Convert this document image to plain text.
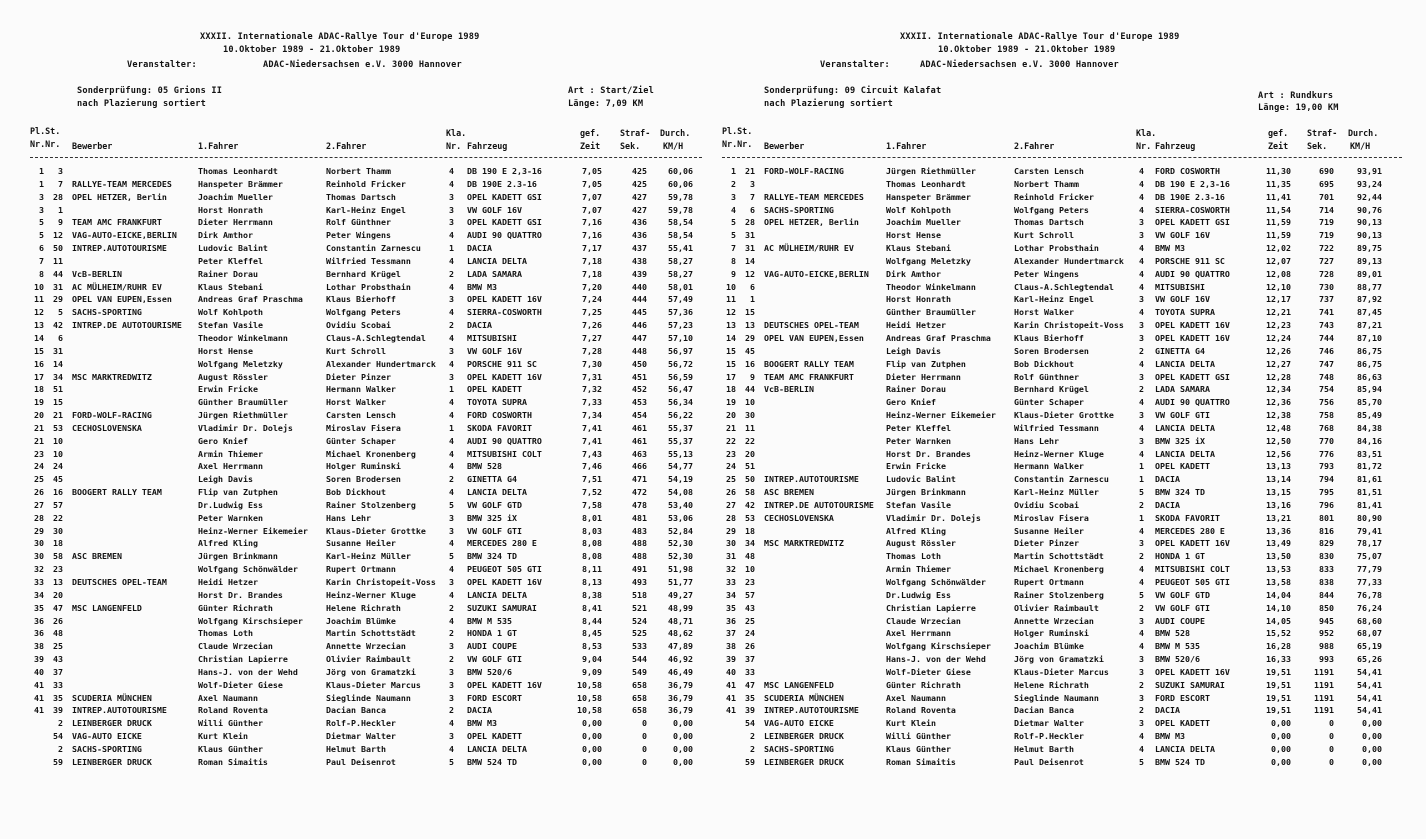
XXXII. Internationale ADAC-Rallye Tour d'Europe 1989
10.Oktober 1989 - 21.Oktober 1989
Veranstalter:	ADAC-Niedersachsen e.V. 3000 Hannover
Sonderprüfung: 05 Grions II
nach Plazierung sortiert
Art : Start/Ziel
Länge: 7,09 KM
Pl.St.
Nr.Nr. Bewerber	1.Fahrer	2.Fahrer
Kla.
Nr. Fahrzeug
gef.
Zeit
Straf-
Sek.
Durch.
KM/H
1	3	Thomas Leonhardt	Norbert Thamm	4 DB 190 E 2,3-16	7,05	425	60,06
1	7 RALLYE-TEAM MERCEDES	Hanspeter Brämmer	Reinhold Fricker	4 DB 190E 2.3-16	7,05	425	60,06
3	28 OPEL HETZER, Berlin	Joachim Mueller	Thomas Dartsch	3 OPEL KADETT GSI	7,07	427	59,78
3	1	Horst Honrath	Karl-Heinz Engel	3 VW GOLF 16V	7,07	427	59,78
5	9 TEAM AMC FRANKFURT	Dieter Herrmann	Rolf Günthner	3 OPEL KADETT GSI	7,16	436	58,54
5	12 VAG-AUTO-EICKE,BERLIN	Dirk Amthor	Peter Wingens	4 AUDI 90 QUATTRO	7,16	436	58,54
6	50 INTREP.AUTOTOURISME	Ludovic Balint	Constantin Zarnescu	1 DACIA	7,17	437	55,41
7	11	Peter Kleffel	Wilfried Tessmann	4 LANCIA DELTA	7,18	438	58,27
8	44 VcB-BERLIN	Rainer Dorau	Bernhard Krügel	2 LADA SAMARA	7,18	439	58,27
10	31 AC MÜLHEIM/RUHR EV	Klaus Stebani	Lothar Probsthain	4 BMW M3	7,20	440	58,01
11	29 OPEL VAN EUPEN,Essen	Andreas Graf Praschma	Klaus Bierhoff	3 OPEL KADETT 16V	7,24	444	57,49
12	5 SACHS-SPORTING	Wolf Kohlpoth	Wolfgang Peters	4 SIERRA-COSWORTH	7,25	445	57,36
13	42 INTREP.DE AUTOTOURISME	Stefan Vasile	Ovidiu Scobai	2 DACIA	7,26	446	57,23
14	6	Theodor Winkelmann	Claus-A.Schlegtendal	4 MITSUBISHI	7,27	447	57,10
15	31	Horst Hense	Kurt Schroll	3 VW GOLF 16V	7,28	448	56,97
16	14	Wolfgang Meletzky	Alexander Hundertmarck	4 PORSCHE 911 SC	7,30	450	56,72
17	34 MSC MARKTREDWITZ	August Rössler	Dieter Pinzer	3 OPEL KADETT 16V	7,31	451	56,59
18	51	Erwin Fricke	Hermann Walker	1 OPEL KADETT	7,32	452	56,47
19	15	Günther Braumüller	Horst Walker	4 TOYOTA SUPRA	7,33	453	56,34
20	21 FORD-WOLF-RACING	Jürgen Riethmüller	Carsten Lensch	4 FORD COSWORTH	7,34	454	56,22
21	53 CECHOSLOVENSKA	Vladimir Dr. Dolejs	Miroslav Fisera	1 SKODA FAVORIT	7,41	461	55,37
21	10	Gero Knief	Günter Schaper	4 AUDI 90 QUATTRO	7,41	461	55,37
23	10	Armin Thiemer	Michael Kronenberg	4 MITSUBISHI COLT	7,43	463	55,13
24	24	Axel Herrmann	Holger Ruminski	4 BMW 528	7,46	466	54,77
25	45	Leigh Davis	Soren Brodersen	2 GINETTA G4	7,51	471	54,19
26	16 BOOGERT RALLY TEAM	Flip van Zutphen	Bob Dickhout	4 LANCIA DELTA	7,52	472	54,08
27	57	Dr.Ludwig Ess	Rainer Stolzenberg	5 VW GOLF GTD	7,58	478	53,40
28	22	Peter Warnken	Hans Lehr	3 BMW 325 iX	8,01	481	53,06
29	30	Heinz-Werner Eikemeier	Klaus-Dieter Grottke	3 VW GOLF GTI	8,03	483	52,84
30	18	Alfred Kling	Susanne Heiler	4 MERCEDES 280 E	8,08	488	52,30
30	58 ASC BREMEN	Jürgen Brinkmann	Karl-Heinz Müller	5 BMW 324 TD	8,08	488	52,30
32	23	Wolfgang Schönwälder	Rupert Ortmann	4 PEUGEOT 505 GTI	8,11	491	51,98
33	13 DEUTSCHES OPEL-TEAM	Heidi Hetzer	Karin Christopeit-Voss	3 OPEL KADETT 16V	8,13	493	51,77
34	20	Horst Dr. Brandes	Heinz-Werner Kluge	4 LANCIA DELTA	8,38	518	49,27
35	47 MSC LANGENFELD	Günter Richrath	Helene Richrath	2 SUZUKI SAMURAI	8,41	521	48,99
36	26	Wolfgang Kirschsieper	Joachim Blümke	4 BMW M 535	8,44	524	48,71
36	48	Thomas Loth	Martin Schottstädt	2 HONDA 1 GT	8,45	525	48,62
38	25	Claude Wrzecian	Annette Wrzecian	3 AUDI COUPE	8,53	533	47,89
39	43	Christian Lapierre	Olivier Raimbault	2 VW GOLF GTI	9,04	544	46,92
40	37	Hans-J. von der Wehd	Jörg von Gramatzki	3 BMW 520/6	9,09	549	46,49
41	33	Wolf-Dieter Giese	Klaus-Dieter Marcus	3 OPEL KADETT 16V	10,58	658	36,79
41	35 SCUDERIA MÜNCHEN	Axel Naumann	Sieglinde Naumann	3 FORD ESCORT	10,58	658	36,79
41	39 INTREP.AUTOTOURISME	Roland Roventa	Dacian Banca	2 DACIA	10,58	658	36,79
2 LEINBERGER DRUCK	Willi Günther	Rolf-P.Heckler	4 BMW M3	0,00	0	0,00
54 VAG-AUTO EICKE	Kurt Klein	Dietmar Walter	3 OPEL KADETT	0,00	0	0,00
2 SACHS-SPORTING	Klaus Günther	Helmut Barth	4 LANCIA DELTA	0,00	0	0,00
59 LEINBERGER DRUCK	Roman Simaitis	Paul Deisenrot	5 BMW 524 TD	0,00	0	0,00
XXXII. Internationale ADAC-Rallye Tour d'Europe 1989
10.Oktober 1989 - 21.Oktober 1989
Veranstalter:	ADAC-Niedersachsen e.V. 3000 Hannover
Sonderprüfung: 09 Circuit Kalafat
nach Plazierung sortiert
Art : Rundkurs
Länge: 19,00 KM
Pl.St.
Nr.Nr. Bewerber	1.Fahrer	2.Fahrer
Kla.
Nr. Fahrzeug
gef.
Zeit
Straf-
Sek.
Durch.
KM/H
1	21 FORD-WOLF-RACING	Jürgen Riethmüller	Carsten Lensch	4 FORD COSWORTH	11,30	690	93,91
2	3	Thomas Leonhardt	Norbert Thamm	4 DB 190 E 2,3-16	11,35	695	93,24
3	7 RALLYE-TEAM MERCEDES	Hanspeter Brämmer	Reinhold Fricker	4 DB 190E 2.3-16	11,41	701	92,44
4	6 SACHS-SPORTING	Wolf Kohlpoth	Wolfgang Peters	4 SIERRA-COSWORTH	11,54	714	90,76
5	28 OPEL HETZER, Berlin	Joachim Mueller	Thomas Dartsch	3 OPEL KADETT GSI	11,59	719	90,13
5	31	Horst Hense	Kurt Schroll	3 VW GOLF 16V	11,59	719	90,13
7	31 AC MÜLHEIM/RUHR EV	Klaus Stebani	Lothar Probsthain	4 BMW M3	12,02	722	89,75
8	14	Wolfgang Meletzky	Alexander Hundertmarck	4 PORSCHE 911 SC	12,07	727	89,13
9	12 VAG-AUTO-EICKE,BERLIN	Dirk Amthor	Peter Wingens	4 AUDI 90 QUATTRO	12,08	728	89,01
10	6	Theodor Winkelmann	Claus-A.Schlegtendal	4 MITSUBISHI	12,10	730	88,77
11	1	Horst Honrath	Karl-Heinz Engel	3 VW GOLF 16V	12,17	737	87,92
12	15	Günther Braumüller	Horst Walker	4 TOYOTA SUPRA	12,21	741	87,45
13	13 DEUTSCHES OPEL-TEAM	Heidi Hetzer	Karin Christopeit-Voss	3 OPEL KADETT 16V	12,23	743	87,21
14	29 OPEL VAN EUPEN,Essen	Andreas Graf Praschma	Klaus Bierhoff	3 OPEL KADETT 16V	12,24	744	87,10
15	45	Leigh Davis	Soren Brodersen	2 GINETTA G4	12,26	746	86,75
15	16 BOOGERT RALLY TEAM	Flip van Zutphen	Bob Dickhout	4 LANCIA DELTA	12,27	747	86,75
17	9 TEAM AMC FRANKFURT	Dieter Herrmann	Rolf Günthner	3 OPEL KADETT GSI	12,28	748	86,63
18	44 VcB-BERLIN	Rainer Dorau	Bernhard Krügel	2 LADA SAMARA	12,34	754	85,94
19	10	Gero Knief	Günter Schaper	4 AUDI 90 QUATTRO	12,36	756	85,70
20	30	Heinz-Werner Eikemeier	Klaus-Dieter Grottke	3 VW GOLF GTI	12,38	758	85,49
21	11	Peter Kleffel	Wilfried Tessmann	4 LANCIA DELTA	12,48	768	84,38
22	22	Peter Warnken	Hans Lehr	3 BMW 325 iX	12,50	770	84,16
23	20	Horst Dr. Brandes	Heinz-Werner Kluge	4 LANCIA DELTA	12,56	776	83,51
24	51	Erwin Fricke	Hermann Walker	1 OPEL KADETT	13,13	793	81,72
25	50 INTREP.AUTOTOURISME	Ludovic Balint	Constantin Zarnescu	1 DACIA	13,14	794	81,61
26	58 ASC BREMEN	Jürgen Brinkmann	Karl-Heinz Müller	5 BMW 324 TD	13,15	795	81,51
27	42 INTREP.DE AUTOTOURISME	Stefan Vasile	Ovidiu Scobai	2 DACIA	13,16	796	81,41
28	53 CECHOSLOVENSKA	Vladimir Dr. Dolejs	Miroslav Fisera	1 SKODA FAVORIT	13,21	801	80,90
29	18	Alfred Kling	Susanne Heiler	4 MERCEDES 280 E	13,36	816	79,41
30	34 MSC MARKTREDWITZ	August Rössler	Dieter Pinzer	3 OPEL KADETT 16V	13,49	829	78,17
31	48	Thomas Loth	Martin Schottstädt	2 HONDA 1 GT	13,50	830	75,07
32	10	Armin Thiemer	Michael Kronenberg	4 MITSUBISHI COLT	13,53	833	77,79
33	23	Wolfgang Schönwälder	Rupert Ortmann	4 PEUGEOT 505 GTI	13,58	838	77,33
34	57	Dr.Ludwig Ess	Rainer Stolzenberg	5 VW GOLF GTD	14,04	844	76,78
35	43	Christian Lapierre	Olivier Raimbault	2 VW GOLF GTI	14,10	850	76,24
36	25	Claude Wrzecian	Annette Wrzecian	3 AUDI COUPE	14,05	945	68,60
37	24	Axel Herrmann	Holger Ruminski	4 BMW 528	15,52	952	68,07
38	26	Wolfgang Kirschsieper	Joachim Blümke	4 BMW M 535	16,28	988	65,19
39	37	Hans-J. von der Wehd	Jörg von Gramatzki	3 BMW 520/6	16,33	993	65,26
40	33	Wolf-Dieter Giese	Klaus-Dieter Marcus	3 OPEL KADETT 16V	19,51	1191	54,41
41	47 MSC LANGENFELD	Günter Richrath	Helene Richrath	2 SUZUKI SAMURAI	19,51	1191	54,41
41	35 SCUDERIA MÜNCHEN	Axel Naumann	Sieglinde Naumann	3 FORD ESCORT	19,51	1191	54,41
41	39 INTREP.AUTOTOURISME	Roland Roventa	Dacian Banca	2 DACIA	19,51	1191	54,41
54 VAG-AUTO EICKE	Kurt Klein	Dietmar Walter	3 OPEL KADETT	0,00	0	0,00
2 LEINBERGER DRUCK	Willi Günther	Rolf-P.Heckler	4 BMW M3	0,00	0	0,00
2 SACHS-SPORTING	Klaus Günther	Helmut Barth	4 LANCIA DELTA	0,00	0	0,00
59 LEINBERGER DRUCK	Roman Simaitis	Paul Deisenrot	5 BMW 524 TD	0,00	0	0,00
